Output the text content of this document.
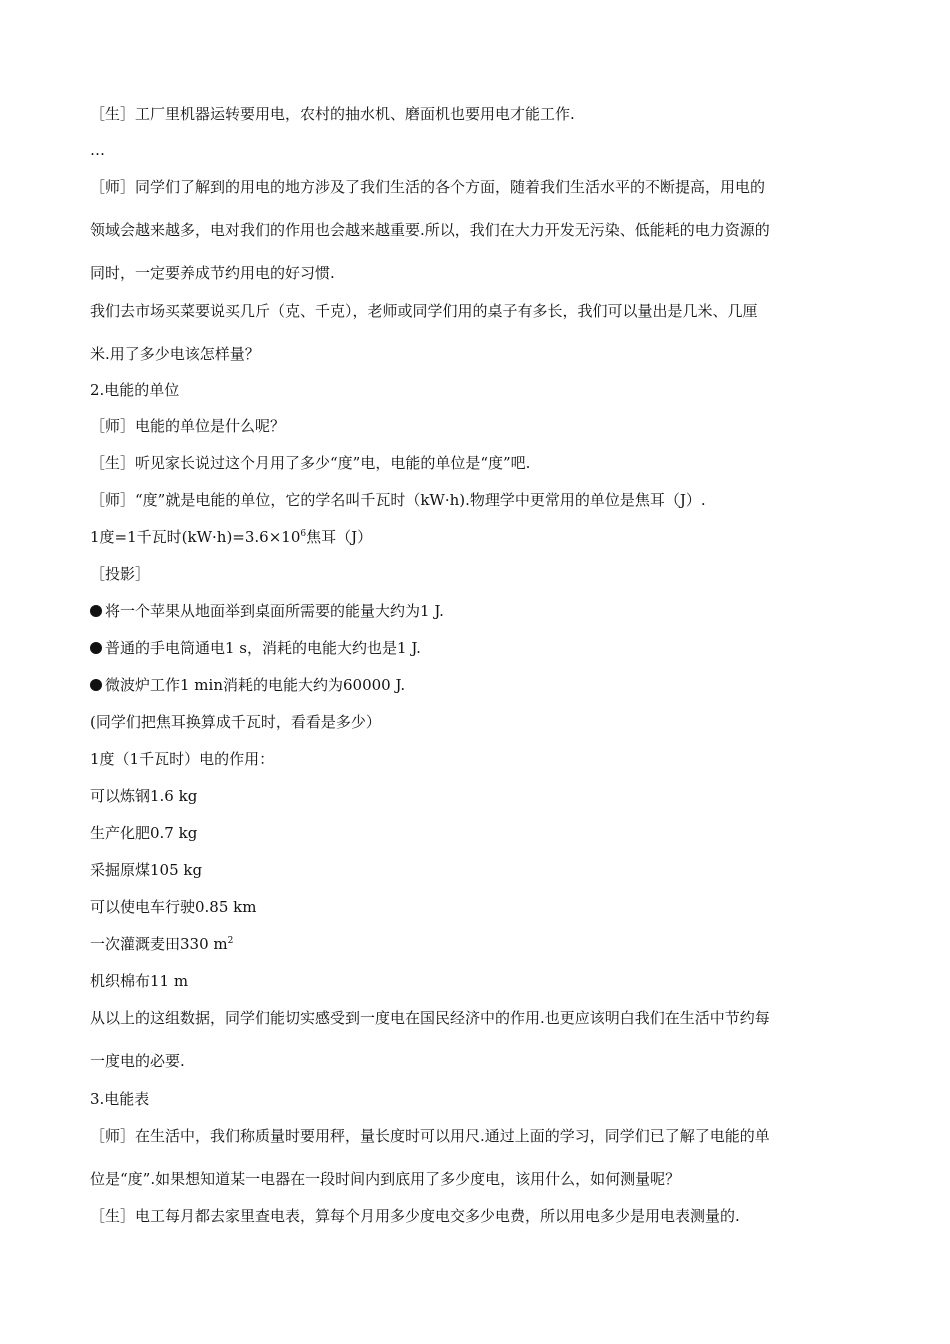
［生］工厂里机器运转要用电，农村的抽水机、磨面机也要用电才能工作.
…
［师］同学们了解到的用电的地方涉及了我们生活的各个方面，随着我们生活水平的不断提高，用电的
领域会越来越多，电对我们的作用也会越来越重要.所以，我们在大力开发无污染、低能耗的电力资源的
同时，一定要养成节约用电的好习惯.
我们去市场买菜要说买几斤（克、千克），老师或同学们用的桌子有多长，我们可以量出是几米、几厘
米.用了多少电该怎样量？
2.电能的单位
［师］电能的单位是什么呢？
［生］听见家长说过这个月用了多少“度”电，电能的单位是“度”吧.
［师］“度”就是电能的单位，它的学名叫千瓦时（kW·h).物理学中更常用的单位是焦耳（J）.
1度=1千瓦时$(kW\cdot h)=3.6\times 10^6$焦耳（J）
［投影］
将一个苹果从地面举到桌面所需要的能量大约为1 J.
普通的手电筒通电1 s，消耗的电能大约也是1 J.
微波炉工作1 min消耗的电能大约为60000 J.
(同学们把焦耳换算成千瓦时，看看是多少）
1度（1千瓦时）电的作用：
可以炼钢1.6 kg
生产化肥0.7 kg
采掘原煤105 kg
可以使电车行驶0.85 km
一次灌溉麦田330 $m^2$
机织棉布11 m
从以上的这组数据，同学们能切实感受到一度电在国民经济中的作用.也更应该明白我们在生活中节约每
一度电的必要.
3.电能表
［师］在生活中，我们称质量时要用秤，量长度时可以用尺.通过上面的学习，同学们已了解了电能的单
位是“度”.如果想知道某一电器在一段时间内到底用了多少度电，该用什么，如何测量呢？
［生］电工每月都去家里查电表，算每个月用多少度电交多少电费，所以用电多少是用电表测量的.
